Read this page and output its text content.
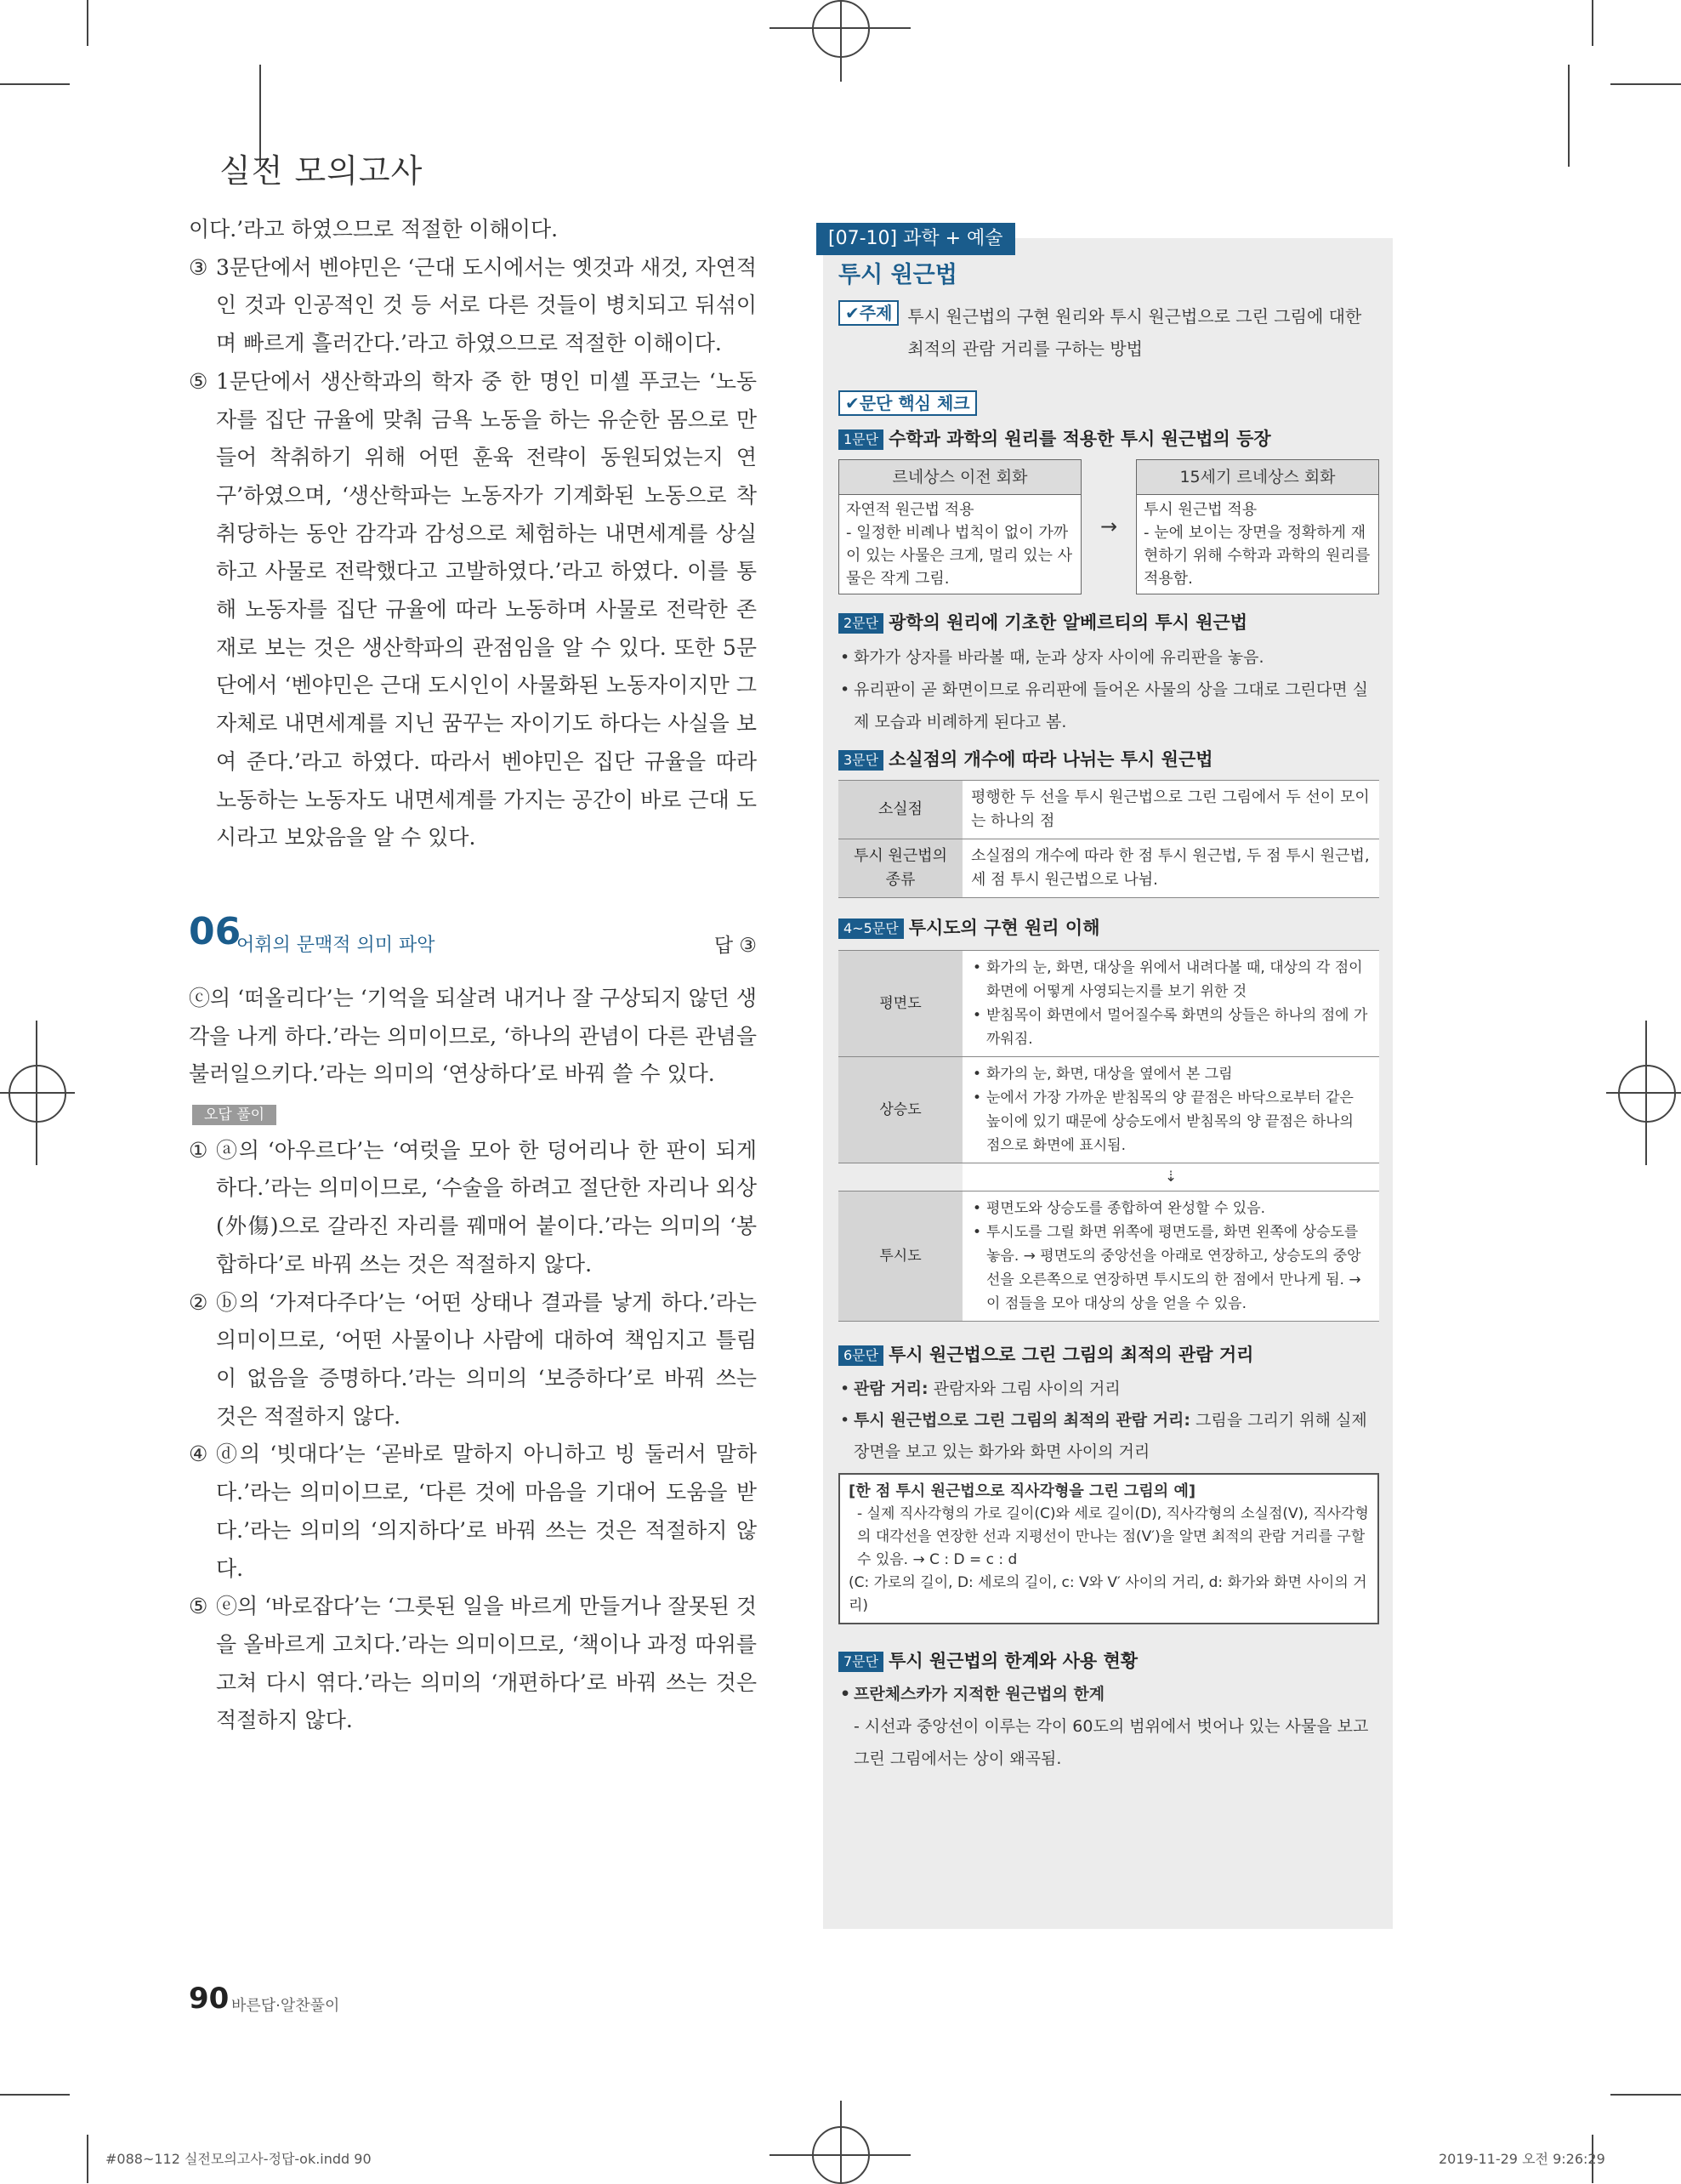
실전 모의고사

이다.’라고 하였으므로 적절한 이해이다.

③ 3문단에서 벤야민은 ‘근대 도시에서는 옛것과 새것, 자연적인 것과 인공적인 것 등 서로 다른 것들이 병치되고 뒤섞이며 빠르게 흘러간다.’라고 하였으므로 적절한 이해이다.

⑤ 1문단에서 생산학과의 학자 중 한 명인 미셸 푸코는 ‘노동자를 집단 규율에 맞춰 금욕 노동을 하는 유순한 몸으로 만들어 착취하기 위해 어떤 훈육 전략이 동원되었는지 연구’하였으며, ‘생산학파는 노동자가 기계화된 노동으로 착취당하는 동안 감각과 감성으로 체험하는 내면세계를 상실하고 사물로 전락했다고 고발하였다.’라고 하였다. 이를 통해 노동자를 집단 규율에 따라 노동하며 사물로 전락한 존재로 보는 것은 생산학파의 관점임을 알 수 있다. 또한 5문단에서 ‘벤야민은 근대 도시인이 사물화된 노동자이지만 그 자체로 내면세계를 지닌 꿈꾸는 자이기도 하다는 사실을 보여 준다.’라고 하였다. 따라서 벤야민은 집단 규율을 따라 노동하는 노동자도 내면세계를 가지는 공간이 바로 근대 도시라고 보았음을 알 수 있다.

06
어휘의 문맥적 의미 파악	답 ③

ⓒ의 ‘떠올리다’는 ‘기억을 되살려 내거나 잘 구상되지 않던 생각을 나게 하다.’라는 의미이므로, ‘하나의 관념이 다른 관념을 불러일으키다.’라는 의미의 ‘연상하다’로 바꿔 쓸 수 있다.

오답 풀이

① ⓐ의 ‘아우르다’는 ‘여럿을 모아 한 덩어리나 한 판이 되게 하다.’라는 의미이므로, ‘수술을 하려고 절단한 자리나 외상(外傷)으로 갈라진 자리를 꿰매어 붙이다.’라는 의미의 ‘봉합하다’로 바꿔 쓰는 것은 적절하지 않다.

② ⓑ의 ‘가져다주다’는 ‘어떤 상태나 결과를 낳게 하다.’라는 의미이므로, ‘어떤 사물이나 사람에 대하여 책임지고 틀림이 없음을 증명하다.’라는 의미의 ‘보증하다’로 바꿔 쓰는 것은 적절하지 않다.

④ ⓓ의 ‘빗대다’는 ‘곧바로 말하지 아니하고 빙 둘러서 말하다.’라는 의미이므로, ‘다른 것에 마음을 기대어 도움을 받다.’라는 의미의 ‘의지하다’로 바꿔 쓰는 것은 적절하지 않다.

⑤ ⓔ의 ‘바로잡다’는 ‘그릇된 일을 바르게 만들거나 잘못된 것을 올바르게 고치다.’라는 의미이므로, ‘책이나 과정 따위를 고쳐 다시 엮다.’라는 의미의 ‘개편하다’로 바꿔 쓰는 것은 적절하지 않다.

투시 원근법
✔주제 투시 원근법의 구현 원리와 투시 원근법으로 그린 그림에 대한 최적의 관람 거리를 구하는 방법
✔문단 핵심 체크
1문단 수학과 과학의 원리를 적용한 투시 원근법의 등장
르네상스 이전 회화
자연적 원근법 적용
- 일정한 비례나 법칙이 없이 가까이 있는 사물은 크게, 멀리 있는 사물은 작게 그림.
→
15세기 르네상스 회화
투시 원근법 적용
- 눈에 보이는 장면을 정확하게 재현하기 위해 수학과 과학의 원리를 적용함.
2문단 광학의 원리에 기초한 알베르티의 투시 원근법
• 화가가 상자를 바라볼 때, 눈과 상자 사이에 유리판을 놓음.
• 유리판이 곧 화면이므로 유리판에 들어온 사물의 상을 그대로 그린다면 실제 모습과 비례하게 된다고 봄.
3문단 소실점의 개수에 따라 나뉘는 투시 원근법
소실점	평행한 두 선을 투시 원근법으로 그린 그림에서 두 선이 모이는 하나의 점
투시 원근법의 종류	소실점의 개수에 따라 한 점 투시 원근법, 두 점 투시 원근법, 세 점 투시 원근법으로 나뉨.
4~5문단 투시도의 구현 원리 이해
평면도	• 화가의 눈, 화면, 대상을 위에서 내려다볼 때, 대상의 각 점이 화면에 어떻게 사영되는지를 보기 위한 것
• 받침목이 화면에서 멀어질수록 화면의 상들은 하나의 점에 가까워짐.

상승도	• 화가의 눈, 화면, 대상을 옆에서 본 그림
• 눈에서 가장 가까운 받침목의 양 끝점은 바닥으로부터 같은 높이에 있기 때문에 상승도에서 받침목의 양 끝점은 하나의 점으로 화면에 표시됨.

	⇣
투시도	• 평면도와 상승도를 종합하여 완성할 수 있음.
• 투시도를 그릴 화면 위쪽에 평면도를, 화면 왼쪽에 상승도를 놓음. → 평면도의 중앙선을 아래로 연장하고, 상승도의 중앙선을 오른쪽으로 연장하면 투시도의 한 점에서 만나게 됨. → 이 점들을 모아 대상의 상을 얻을 수 있음.
6문단 투시 원근법으로 그린 그림의 최적의 관람 거리
• 관람 거리: 관람자와 그림 사이의 거리
• 투시 원근법으로 그린 그림의 최적의 관람 거리: 그림을 그리기 위해 실제 장면을 보고 있는 화가와 화면 사이의 거리
[한 점 투시 원근법으로 직사각형을 그린 그림의 예]
- 실제 직사각형의 가로 길이(C)와 세로 길이(D), 직사각형의 소실점(V), 직사각형의 대각선을 연장한 선과 지평선이 만나는 점(V′)을 알면 최적의 관람 거리를 구할 수 있음. → C : D = c : d
(C: 가로의 길이, D: 세로의 길이, c: V와 V′ 사이의 거리, d: 화가와 화면 사이의 거리)
7문단 투시 원근법의 한계와 사용 현황
• 프란체스카가 지적한 원근법의 한계
- 시선과 중앙선이 이루는 각이 60도의 범위에서 벗어나 있는 사물을 보고 그린 그림에서는 상이 왜곡됨.
[07-10] 과학 + 예술
90 바른답·알찬풀이
#088~112 실전모의고사-정답-ok.indd 90	2019-11-29 오전 9:26:29
